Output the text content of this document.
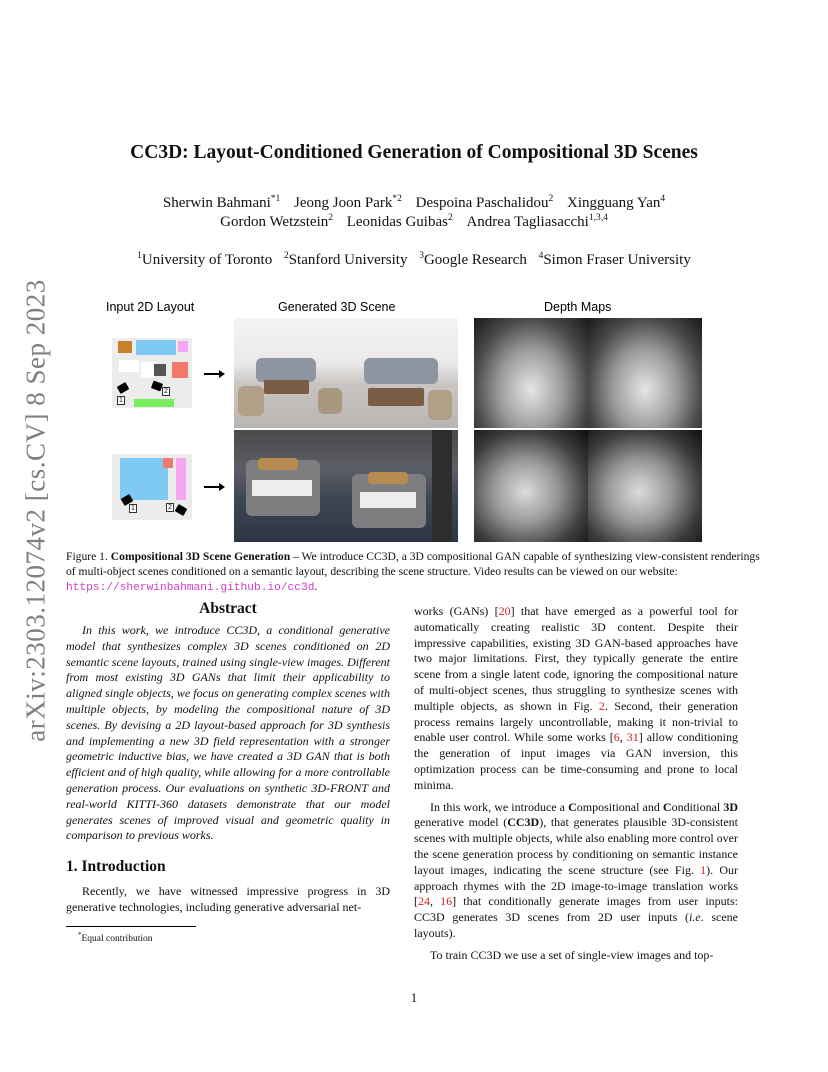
arXiv:2303.12074v2 [cs.CV] 8 Sep 2023
CC3D: Layout-Conditioned Generation of Compositional 3D Scenes
Sherwin Bahmani$^{*1}$ Jeong Joon Park$^{*2}$ Despoina Paschalidou$^2$ Xingguang Yan$^4$
Gordon Wetzstein$^2$ Leonidas Guibas$^2$ Andrea Tagliasacchi$^{1,3,4}$
$^1$University of Toronto $^2$Stanford University $^3$Google Research $^4$Simon Fraser University
Input 2D Layout	Generated 3D Scene	Depth Maps
1
2
1	2
Figure 1. Compositional 3D Scene Generation – We introduce CC3D, a 3D compositional GAN capable of synthesizing view-consistent renderings of multi-object scenes conditioned on a semantic layout, describing the scene structure. Video results can be viewed on our website: https://sherwinbahmani.github.io/cc3d.
Abstract

In this work, we introduce CC3D, a conditional generative model that synthesizes complex 3D scenes conditioned on 2D semantic scene layouts, trained using single-view images. Different from most existing 3D GANs that limit their applicability to aligned single objects, we focus on generating complex scenes with multiple objects, by modeling the compositional nature of 3D scenes. By devising a 2D layout-based approach for 3D synthesis and implementing a new 3D field representation with a stronger geometric inductive bias, we have created a 3D GAN that is both efficient and of high quality, while allowing for a more controllable generation process. Our evaluations on synthetic 3D-FRONT and real-world KITTI-360 datasets demonstrate that our model generates scenes of improved visual and geometric quality in comparison to previous works.

1. Introduction

Recently, we have witnessed impressive progress in 3D generative technologies, including generative adversarial net-

*Equal contribution

works (GANs) [20] that have emerged as a powerful tool for automatically creating realistic 3D content. Despite their impressive capabilities, existing 3D GAN-based approaches have two major limitations. First, they typically generate the entire scene from a single latent code, ignoring the compositional nature of multi-object scenes, thus struggling to synthesize scenes with multiple objects, as shown in Fig. 2. Second, their generation process remains largely uncontrollable, making it non-trivial to enable user control. While some works [6, 31] allow conditioning the generation of input images via GAN inversion, this optimization process can be time-consuming and prone to local minima.

In this work, we introduce a Compositional and Conditional 3D generative model (CC3D), that generates plausible 3D-consistent scenes with multiple objects, while also enabling more control over the scene generation process by conditioning on semantic instance layout images, indicating the scene structure (see Fig. 1). Our approach rhymes with the 2D image-to-image translation works [24, 16] that conditionally generate images from user inputs: CC3D generates 3D scenes from 2D user inputs (i.e. scene layouts).

To train CC3D we use a set of single-view images and top-

1
